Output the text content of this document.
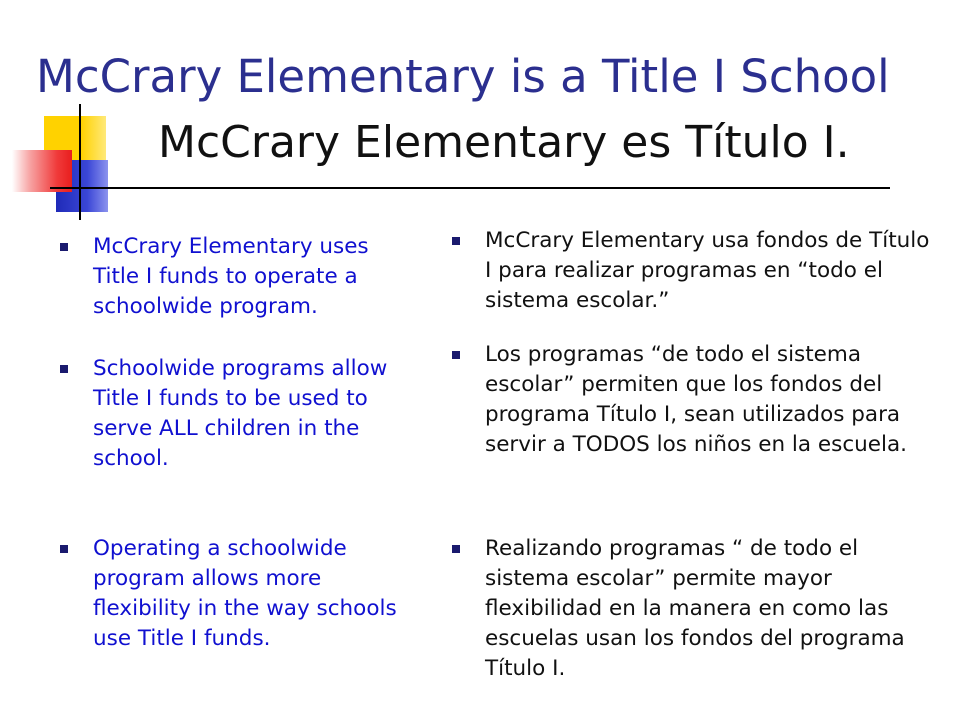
McCrary Elementary is a Title I School
McCrary Elementary es Título I.
McCrary Elementary uses Title I funds to operate a schoolwide program.
Schoolwide programs allow Title I funds to be used to serve ALL children in the school.
Operating a schoolwide program allows more flexibility in the way schools use Title I funds.
McCrary Elementary usa fondos de Título I para realizar programas en “todo el sistema escolar.”
Los programas “de todo el sistema escolar” permiten que los fondos del programa Título I, sean utilizados para servir a TODOS los niños en la escuela.
Realizando programas “ de todo el sistema escolar” permite mayor flexibilidad en la manera en como las escuelas usan los fondos del programa Título I.
